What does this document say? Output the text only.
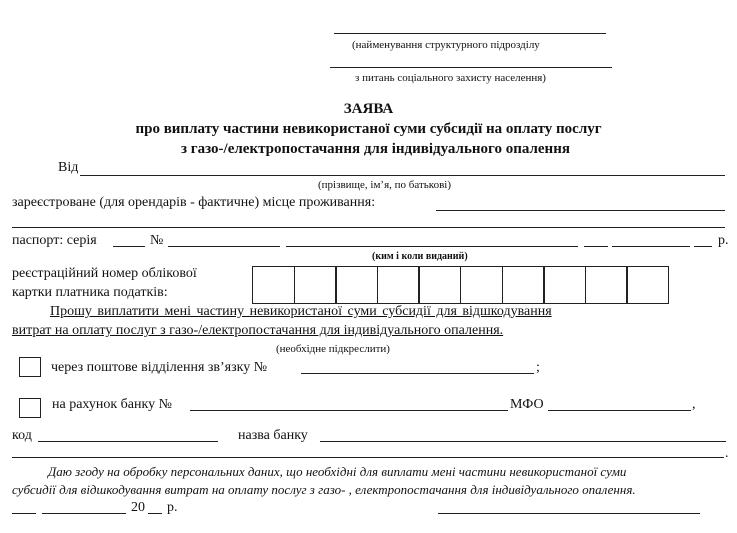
(найменування структурного підрозділу
з питань соціального захисту населення)
ЗАЯВА
про виплату частини невикористаної суми субсидії на оплату послуг
з газо-/електропостачання для індивідуального опалення
Від
(прізвище, ім’я, по батькові)
зареєстроване (для орендарів - фактичне) місце проживання:
паспорт: серія	№	р.
(ким і коли виданий)
реєстраційний номер облікової
картки платника податків:
Прошу виплатити мені частину невикористаної суми субсидії для відшкодування
витрат на оплату послуг з газо-/електропостачання для індивідуального опалення.
(необхідне підкреслити)
через поштове відділення зв’язку №	;
на рахунок банку №	МФО	,
код	назва банку
.
Даю згоду на обробку персональних даних, що необхідні для виплати мені частини невикористаної суми
субсидії для відшкодування витрат на оплату послуг з газо- , електропостачання для індивідуального опалення.
20 р.
